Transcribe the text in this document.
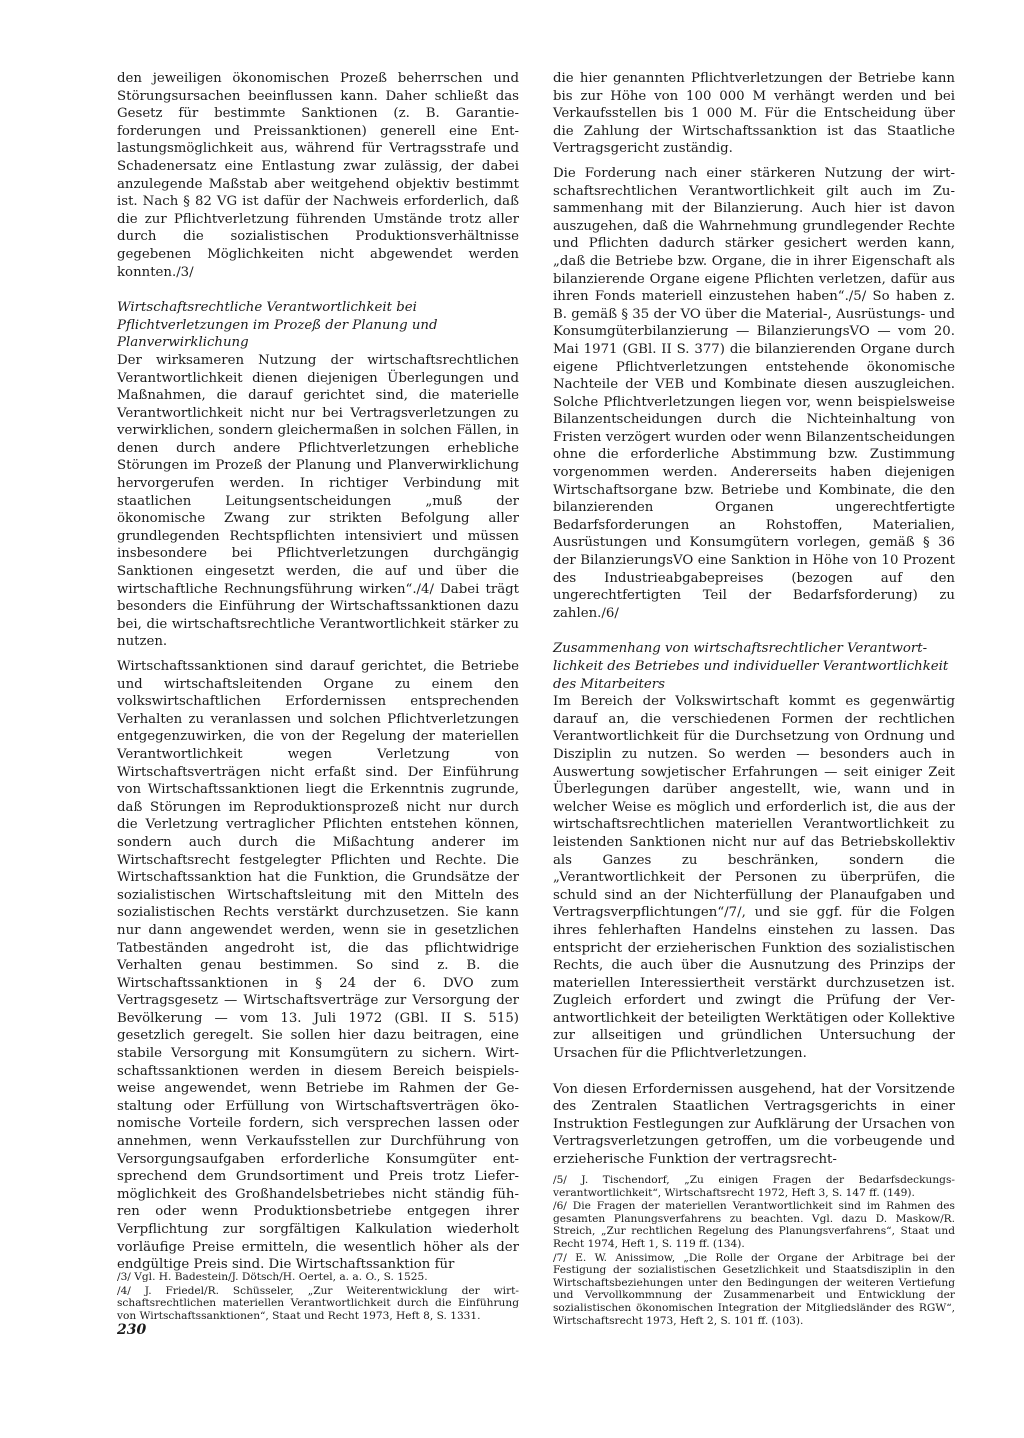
den jeweiligen ökonomischen Prozeß beherrschen und Störungsursachen beeinflussen kann. Daher schließt das Gesetz für bestimmte Sanktionen (z. B. Garantieforderungen und Preissanktionen) generell eine Entlastungsmöglichkeit aus, während für Vertragsstrafe und Schadenersatz eine Entlastung zwar zulässig, der dabei anzulegende Maßstab aber weitgehend objektiv bestimmt ist. Nach § 82 VG ist dafür der Nachweis erforderlich, daß die zur Pflichtverletzung führenden Umstände trotz aller durch die sozialistischen Produktionsverhältnisse gegebenen Möglichkeiten nicht abgewendet werden konnten./3/

Wirtschaftsrechtliche Verantwortlichkeit bei Pflichtverletzungen im Prozeß der Planung und Planverwirklichung

Der wirksameren Nutzung der wirtschaftsrechtlichen Verantwortlichkeit dienen diejenigen Überlegungen und Maßnahmen, die darauf gerichtet sind, die materielle Verantwortlichkeit nicht nur bei Vertragsverletzungen zu verwirklichen, sondern gleichermaßen in solchen Fällen, in denen durch andere Pflichtverletzungen erhebliche Störungen im Prozeß der Planung und Planverwirklichung hervorgerufen werden. In richtiger Verbindung mit staatlichen Leitungsentscheidungen „muß der ökonomische Zwang zur strikten Befolgung aller grundlegenden Rechtspflichten intensiviert und müssen insbesondere bei Pflichtverletzungen durchgängig Sanktionen eingesetzt werden, die auf und über die wirtschaftliche Rechnungsführung wirken“./4/ Dabei trägt besonders die Einführung der Wirtschaftssanktionen dazu bei, die wirtschaftsrechtliche Verantwortlichkeit stärker zu nutzen.

Wirtschaftssanktionen sind darauf gerichtet, die Betriebe und wirtschaftsleitenden Organe zu einem den volkswirtschaftlichen Erfordernissen entsprechenden Verhalten zu veranlassen und solchen Pflichtverletzungen entgegenzuwirken, die von der Regelung der materiellen Verantwortlichkeit wegen Verletzung von Wirtschaftsverträgen nicht erfaßt sind. Der Einführung von Wirtschaftssanktionen liegt die Erkenntnis zugrunde, daß Störungen im Reproduktionsprozeß nicht nur durch die Verletzung vertraglicher Pflichten entstehen können, sondern auch durch die Mißachtung anderer im Wirtschaftsrecht festgelegter Pflichten und Rechte. Die Wirtschaftssanktion hat die Funktion, die Grundsätze der sozialistischen Wirtschaftsleitung mit den Mitteln des sozialistischen Rechts verstärkt durchzusetzen. Sie kann nur dann angewendet werden, wenn sie in gesetzlichen Tatbeständen angedroht ist, die das pflichtwidrige Verhalten genau bestimmen. So sind z. B. die Wirtschaftssanktionen in § 24 der 6. DVO zum Vertragsgesetz — Wirtschaftsverträge zur Versorgung der Bevölkerung — vom 13. Juli 1972 (GBl. II S. 515) gesetzlich geregelt. Sie sollen hier dazu beitragen, eine stabile Versorgung mit Konsumgütern zu sichern. Wirtschaftssanktionen werden in diesem Bereich beispielsweise angewendet, wenn Betriebe im Rahmen der Gestaltung oder Erfüllung von Wirtschaftsverträgen ökonomische Vorteile fordern, sich versprechen lassen oder annehmen, wenn Verkaufsstellen zur Durchführung von Versorgungsaufgaben erforderliche Konsumgüter entsprechend dem Grundsortiment und Preis trotz Liefermöglichkeit des Großhandelsbetriebes nicht ständig führen oder wenn Produktionsbetriebe entgegen ihrer Verpflichtung zur sorgfältigen Kalkulation wiederholt vorläufige Preise ermitteln, die wesentlich höher als der endgültige Preis sind. Die Wirtschaftssanktion für

die hier genannten Pflichtverletzungen der Betriebe kann bis zur Höhe von 100 000 M verhängt werden und bei Verkaufsstellen bis 1 000 M. Für die Entscheidung über die Zahlung der Wirtschaftssanktion ist das Staatliche Vertragsgericht zuständig.

Die Forderung nach einer stärkeren Nutzung der wirtschaftsrechtlichen Verantwortlichkeit gilt auch im Zusammenhang mit der Bilanzierung. Auch hier ist davon auszugehen, daß die Wahrnehmung grundlegender Rechte und Pflichten dadurch stärker gesichert werden kann, „daß die Betriebe bzw. Organe, die in ihrer Eigenschaft als bilanzierende Organe eigene Pflichten verletzen, dafür aus ihren Fonds materiell einzustehen haben“./5/ So haben z. B. gemäß § 35 der VO über die Material-, Ausrüstungs- und Konsumgüterbilanzierung — BilanzierungsVO — vom 20. Mai 1971 (GBl. II S. 377) die bilanzierenden Organe durch eigene Pflichtverletzungen entstehende ökonomische Nachteile der VEB und Kombinate diesen auszugleichen. Solche Pflichtverletzungen liegen vor, wenn beispielsweise Bilanzentscheidungen durch die Nichteinhaltung von Fristen verzögert wurden oder wenn Bilanzentscheidungen ohne die erforderliche Abstimmung bzw. Zustimmung vorgenommen werden. Andererseits haben diejenigen Wirtschaftsorgane bzw. Betriebe und Kombinate, die den bilanzierenden Organen ungerechtfertigte Bedarfsforderungen an Rohstoffen, Materialien, Ausrüstungen und Konsumgütern vorlegen, gemäß § 36 der BilanzierungsVO eine Sanktion in Höhe von 10 Prozent des Industrieabgabepreises (bezogen auf den ungerechtfertigten Teil der Bedarfsforderung) zu zahlen./6/

Zusammenhang von wirtschaftsrechtlicher Verantwortlichkeit des Betriebes und individueller Verantwortlichkeit des Mitarbeiters

Im Bereich der Volkswirtschaft kommt es gegenwärtig darauf an, die verschiedenen Formen der rechtlichen Verantwortlichkeit für die Durchsetzung von Ordnung und Disziplin zu nutzen. So werden — besonders auch in Auswertung sowjetischer Erfahrungen — seit einiger Zeit Überlegungen darüber angestellt, wie, wann und in welcher Weise es möglich und erforderlich ist, die aus der wirtschaftsrechtlichen materiellen Verantwortlichkeit zu leistenden Sanktionen nicht nur auf das Betriebskollektiv als Ganzes zu beschränken, sondern die „Verantwortlichkeit der Personen zu überprüfen, die schuld sind an der Nichterfüllung der Planaufgaben und Vertragsverpflichtungen“/7/, und sie ggf. für die Folgen ihres fehlerhaften Handelns einstehen zu lassen. Das entspricht der erzieherischen Funktion des sozialistischen Rechts, die auch über die Ausnutzung des Prinzips der materiellen Interessiertheit verstärkt durchzusetzen ist. Zugleich erfordert und zwingt die Prüfung der Verantwortlichkeit der beteiligten Werktätigen oder Kollektive zur allseitigen und gründlichen Untersuchung der Ursachen für die Pflichtverletzungen.

Von diesen Erfordernissen ausgehend, hat der Vorsitzende des Zentralen Staatlichen Vertragsgerichts in einer Instruktion Festlegungen zur Aufklärung der Ursachen von Vertragsverletzungen getroffen, um die vorbeugende und erzieherische Funktion der vertragsrecht-

/3/ Vgl. H. Badestein/J. Dötsch/H. Oertel, a. a. O., S. 1525.

/4/ J. Friedel/R. Schüsseler, „Zur Weiterentwicklung der wirtschaftsrechtlichen materiellen Verantwortlichkeit durch die Einführung von Wirtschaftssanktionen“, Staat und Recht 1973, Heft 8, S. 1331.

/5/ J. Tischendorf, „Zu einigen Fragen der Bedarfsdeckungsverantwortlichkeit“, Wirtschaftsrecht 1972, Heft 3, S. 147 ff. (149).

/6/ Die Fragen der materiellen Verantwortlichkeit sind im Rahmen des gesamten Planungsverfahrens zu beachten. Vgl. dazu D. Maskow/R. Streich, „Zur rechtlichen Regelung des Planungsverfahrens“, Staat und Recht 1974, Heft 1, S. 119 ff. (134).

/7/ E. W. Anissimow, „Die Rolle der Organe der Arbitrage bei der Festigung der sozialistischen Gesetzlichkeit und Staatsdisziplin in den Wirtschaftsbeziehungen unter den Bedingungen der weiteren Vertiefung und Vervollkommnung der Zusammenarbeit und Entwicklung der sozialistischen ökonomischen Integration der Mitgliedsländer des RGW“, Wirtschaftsrecht 1973, Heft 2, S. 101 ff. (103).

230
